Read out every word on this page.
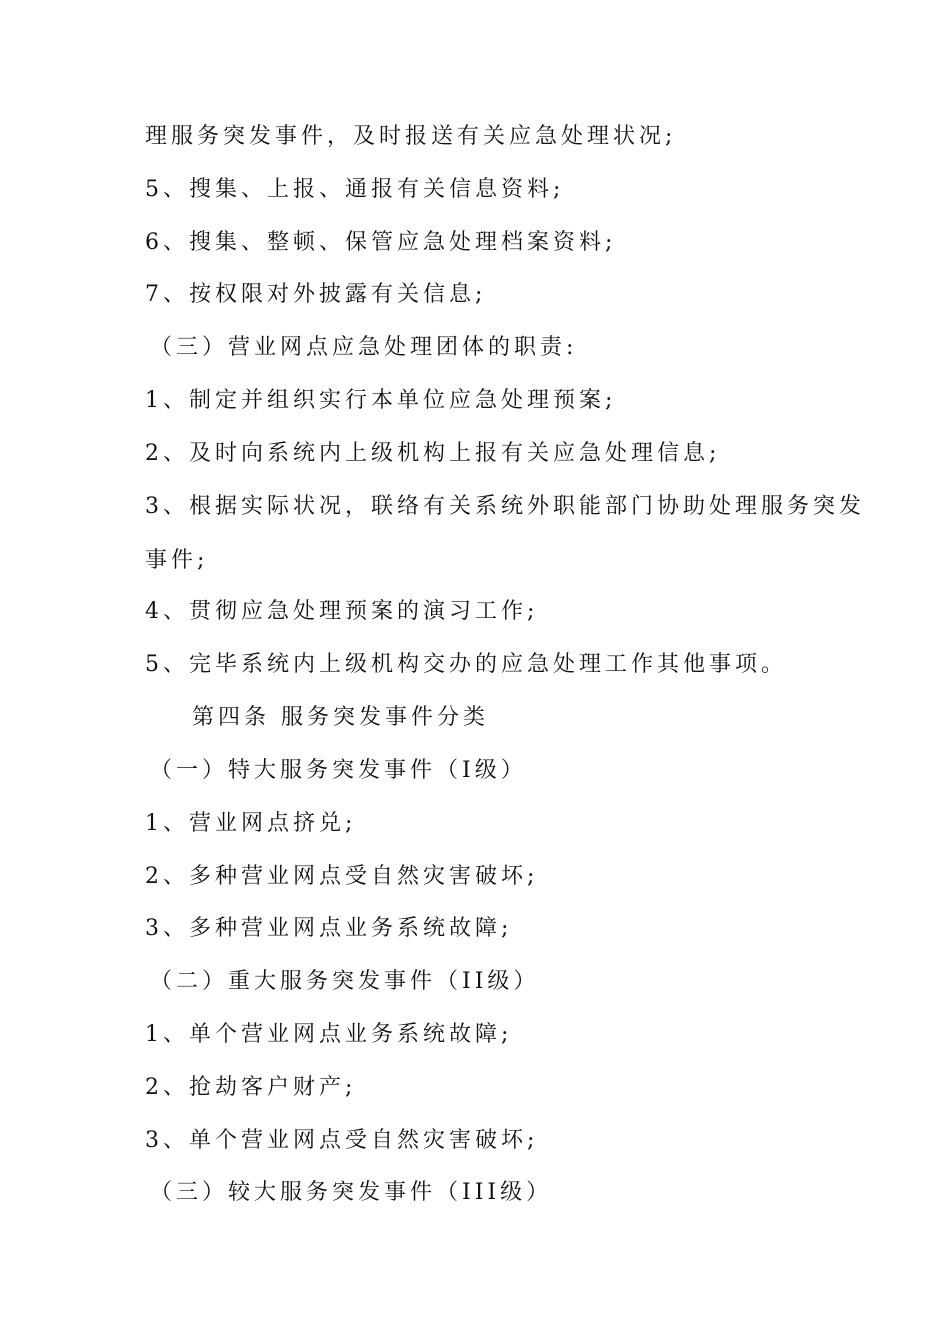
理服务突发事件，及时报送有关应急处理状况;
5、搜集、上报、通报有关信息资料;
6、搜集、整顿、保管应急处理档案资料;
7、按权限对外披露有关信息;
（三）营业网点应急处理团体的职责:
1、制定并组织实行本单位应急处理预案;
2、及时向系统内上级机构上报有关应急处理信息;
3、根据实际状况，联络有关系统外职能部门协助处理服务突发
事件;
4、贯彻应急处理预案的演习工作;
5、完毕系统内上级机构交办的应急处理工作其他事项。
第四条 服务突发事件分类
（一）特大服务突发事件（I级）
1、营业网点挤兑;
2、多种营业网点受自然灾害破坏;
3、多种营业网点业务系统故障;
（二）重大服务突发事件（II级）
1、单个营业网点业务系统故障;
2、抢劫客户财产;
3、单个营业网点受自然灾害破坏;
（三）较大服务突发事件（III级）
